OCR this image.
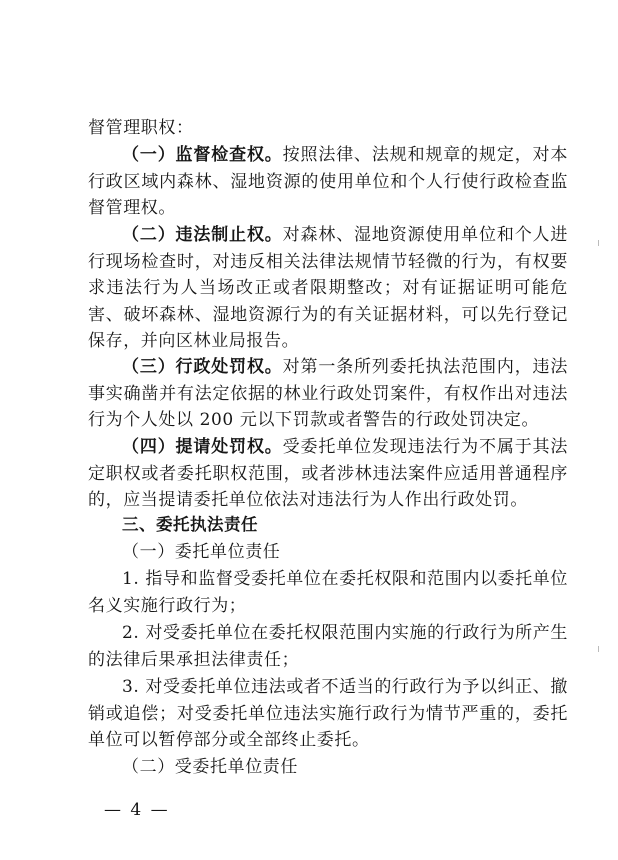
督管理职权：

（一）监督检查权。按照法律、法规和规章的规定，对本行政区域内森林、湿地资源的使用单位和个人行使行政检查监督管理权。

（二）违法制止权。对森林、湿地资源使用单位和个人进行现场检查时，对违反相关法律法规情节轻微的行为，有权要求违法行为人当场改正或者限期整改；对有证据证明可能危害、破坏森林、湿地资源行为的有关证据材料，可以先行登记保存，并向区林业局报告。

（三）行政处罚权。对第一条所列委托执法范围内，违法事实确凿并有法定依据的林业行政处罚案件，有权作出对违法行为个人处以 200 元以下罚款或者警告的行政处罚决定。

（四）提请处罚权。受委托单位发现违法行为不属于其法定职权或者委托职权范围，或者涉林违法案件应适用普通程序的，应当提请委托单位依法对违法行为人作出行政处罚。

三、委托执法责任

（一）委托单位责任

1. 指导和监督受委托单位在委托权限和范围内以委托单位名义实施行政行为；

2. 对受委托单位在委托权限范围内实施的行政行为所产生的法律后果承担法律责任；

3. 对受委托单位违法或者不适当的行政行为予以纠正、撤销或追偿；对受委托单位违法实施行政行为情节严重的，委托单位可以暂停部分或全部终止委托。

（二）受委托单位责任

— 4 —
